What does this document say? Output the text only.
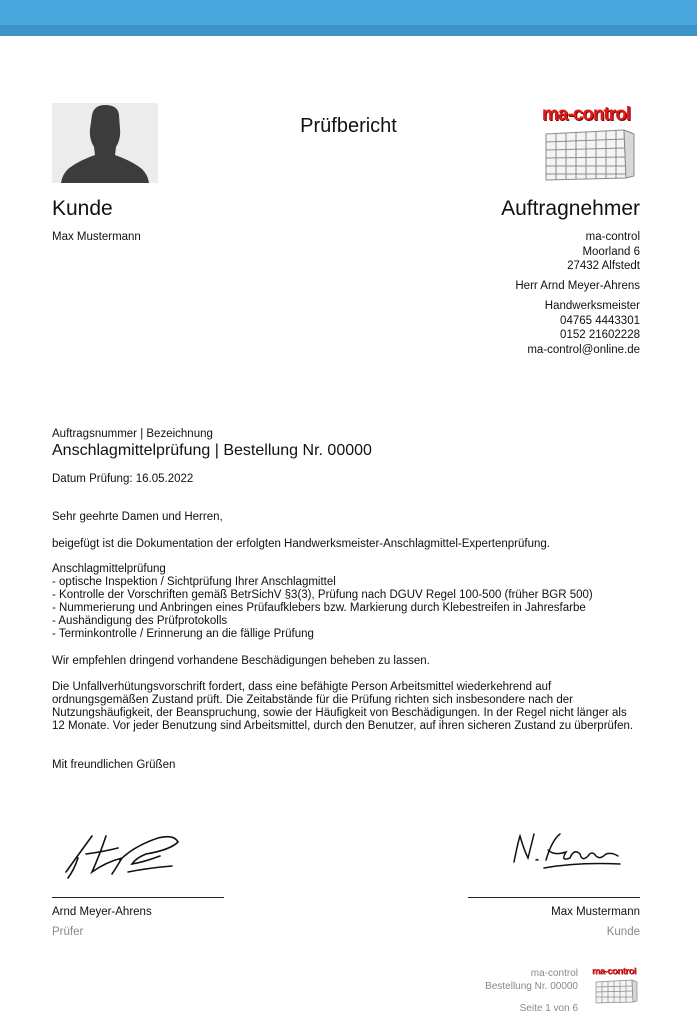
Prüfbericht
ma-control
Kunde	Auftragnehmer
Max Mustermann	ma-control
Moorland 6
27432 Alfstedt
Herr Arnd Meyer-Ahrens
Handwerksmeister
04765 4443301
0152 21602228
ma-control@online.de
Auftragsnummer | Bezeichnung
Anschlagmittelprüfung | Bestellung Nr. 00000
Datum Prüfung: 16.05.2022
Sehr geehrte Damen und Herren,
beigefügt ist die Dokumentation der erfolgten Handwerksmeister-Anschlagmittel-Expertenprüfung.
Anschlagmittelprüfung
- optische Inspektion / Sichtprüfung Ihrer Anschlagmittel
- Kontrolle der Vorschriften gemäß BetrSichV §3(3), Prüfung nach DGUV Regel 100-500 (früher BGR 500)
- Nummerierung und Anbringen eines Prüfaufklebers bzw. Markierung durch Klebestreifen in Jahresfarbe
- Aushändigung des Prüfprotokolls
- Terminkontrolle / Erinnerung an die fällige Prüfung
Wir empfehlen dringend vorhandene Beschädigungen beheben zu lassen.
Die Unfallverhütungsvorschrift fordert, dass eine befähigte Person Arbeitsmittel wiederkehrend auf ordnungsgemäßen Zustand prüft. Die Zeitabstände für die Prüfung richten sich insbesondere nach der Nutzungshäufigkeit, der Beanspruchung, sowie der Häufigkeit von Beschädigungen. In der Regel nicht länger als 12 Monate. Vor jeder Benutzung sind Arbeitsmittel, durch den Benutzer, auf ihren sicheren Zustand zu überprüfen.
Mit freundlichen Grüßen
Arnd Meyer-Ahrens
Prüfer
Max Mustermann
Kunde
ma-control
Bestellung Nr. 00000
Seite 1 von 6
ma-control
